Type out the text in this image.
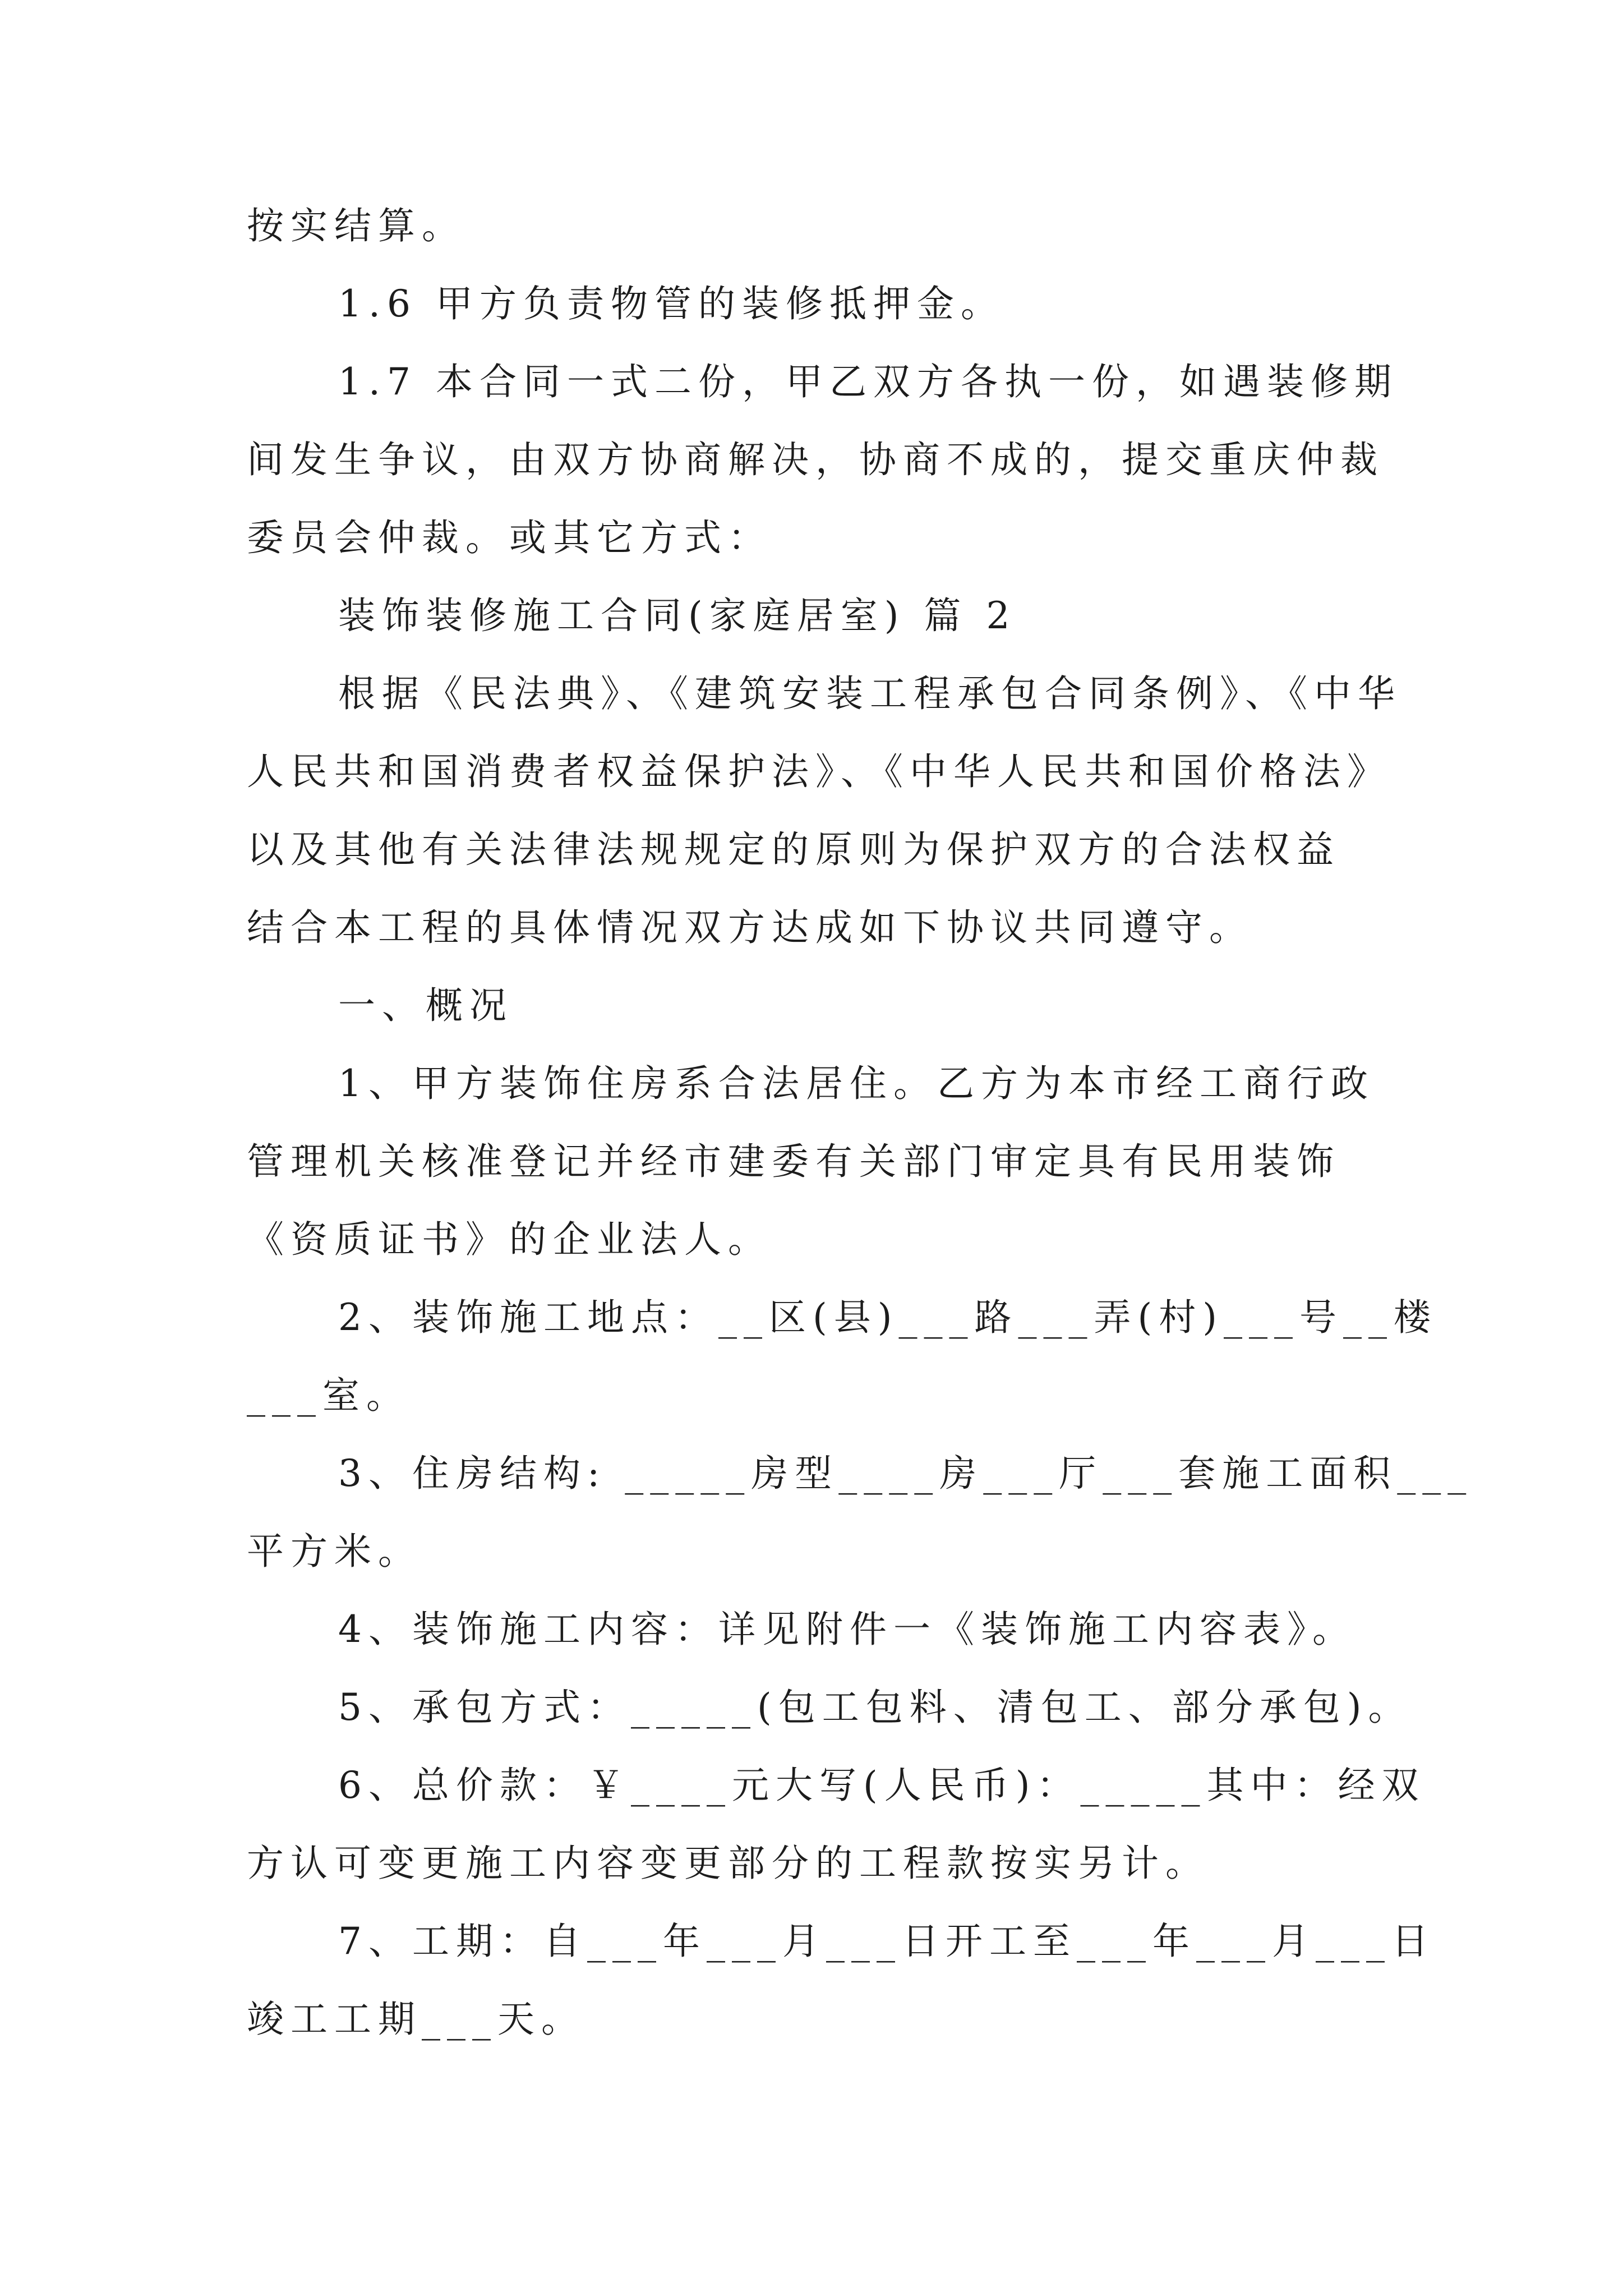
按实结算。
1.6 甲方负责物管的装修抵押金。
1.7 本合同一式二份，甲乙双方各执一份，如遇装修期
间发生争议，由双方协商解决，协商不成的，提交重庆仲裁
委员会仲裁。或其它方式：
装饰装修施工合同(家庭居室) 篇 2
根据《民法典》、《建筑安装工程承包合同条例》、《中华
人民共和国消费者权益保护法》、《中华人民共和国价格法》
以及其他有关法律法规规定的原则为保护双方的合法权益
结合本工程的具体情况双方达成如下协议共同遵守。
一、概况
1、甲方装饰住房系合法居住。乙方为本市经工商行政
管理机关核准登记并经市建委有关部门审定具有民用装饰
《资质证书》的企业法人。
2、装饰施工地点：__区(县)___路___弄(村)___号__楼
___室。
3、住房结构: _____房型____房___厅___套施工面积___
平方米。
4、装饰施工内容：详见附件一《装饰施工内容表》。
5、承包方式：_____(包工包料、清包工、部分承包)。
6、总价款：￥____元大写(人民币)：_____其中：经双
方认可变更施工内容变更部分的工程款按实另计。
7、工期：自___年___月___日开工至___年___月___日
竣工工期___天。
